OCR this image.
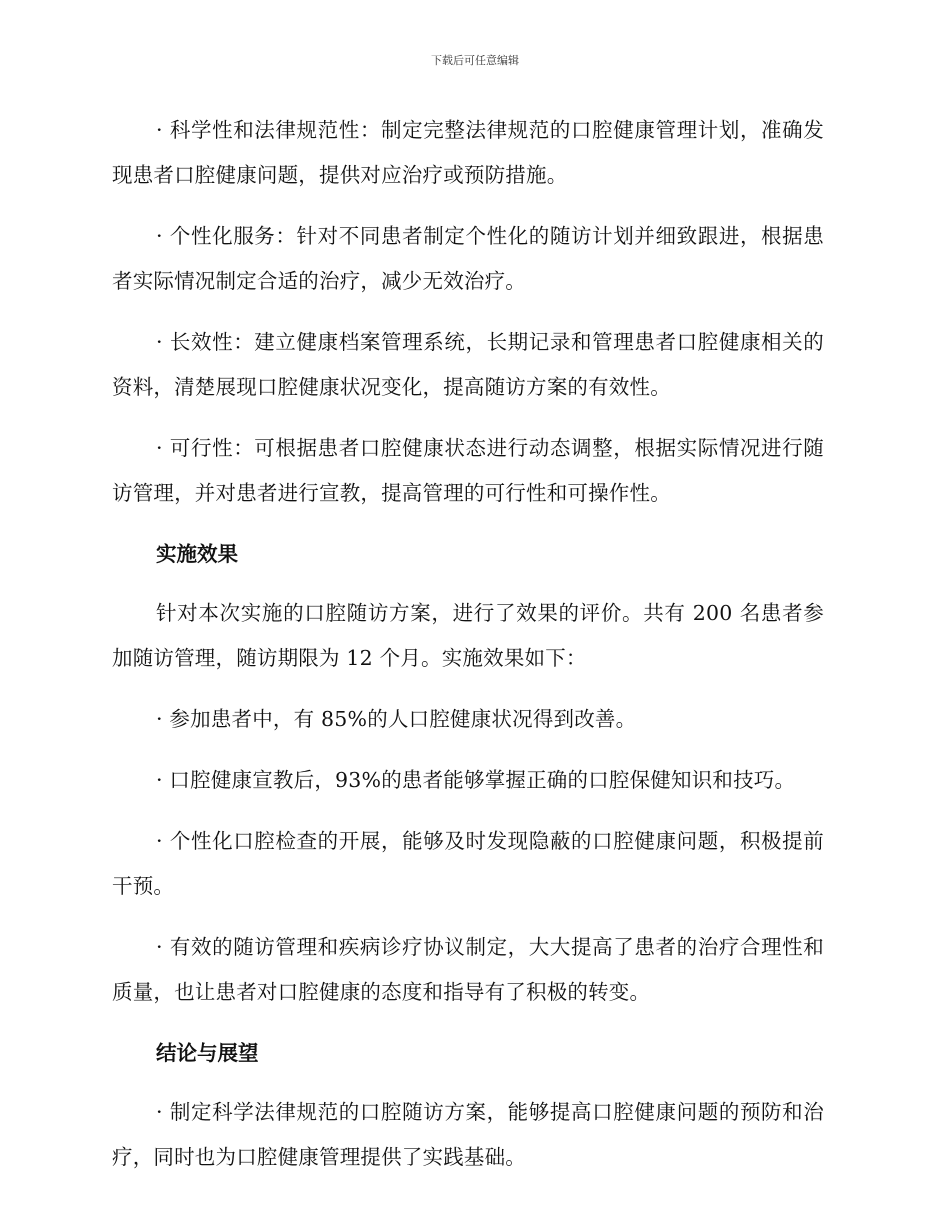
下载后可任意编辑

· 科学性和法律规范性：制定完整法律规范的口腔健康管理计划，准确发现患者口腔健康问题，提供对应治疗或预防措施。

· 个性化服务：针对不同患者制定个性化的随访计划并细致跟进，根据患者实际情况制定合适的治疗，减少无效治疗。

· 长效性：建立健康档案管理系统，长期记录和管理患者口腔健康相关的资料，清楚展现口腔健康状况变化，提高随访方案的有效性。

· 可行性：可根据患者口腔健康状态进行动态调整，根据实际情况进行随访管理，并对患者进行宣教，提高管理的可行性和可操作性。

实施效果

针对本次实施的口腔随访方案，进行了效果的评价。共有 200 名患者参加随访管理，随访期限为 12 个月。实施效果如下：

· 参加患者中，有 85%的人口腔健康状况得到改善。

· 口腔健康宣教后，93%的患者能够掌握正确的口腔保健知识和技巧。

· 个性化口腔检查的开展，能够及时发现隐蔽的口腔健康问题，积极提前干预。

· 有效的随访管理和疾病诊疗协议制定，大大提高了患者的治疗合理性和质量，也让患者对口腔健康的态度和指导有了积极的转变。

结论与展望

· 制定科学法律规范的口腔随访方案，能够提高口腔健康问题的预防和治疗，同时也为口腔健康管理提供了实践基础。
